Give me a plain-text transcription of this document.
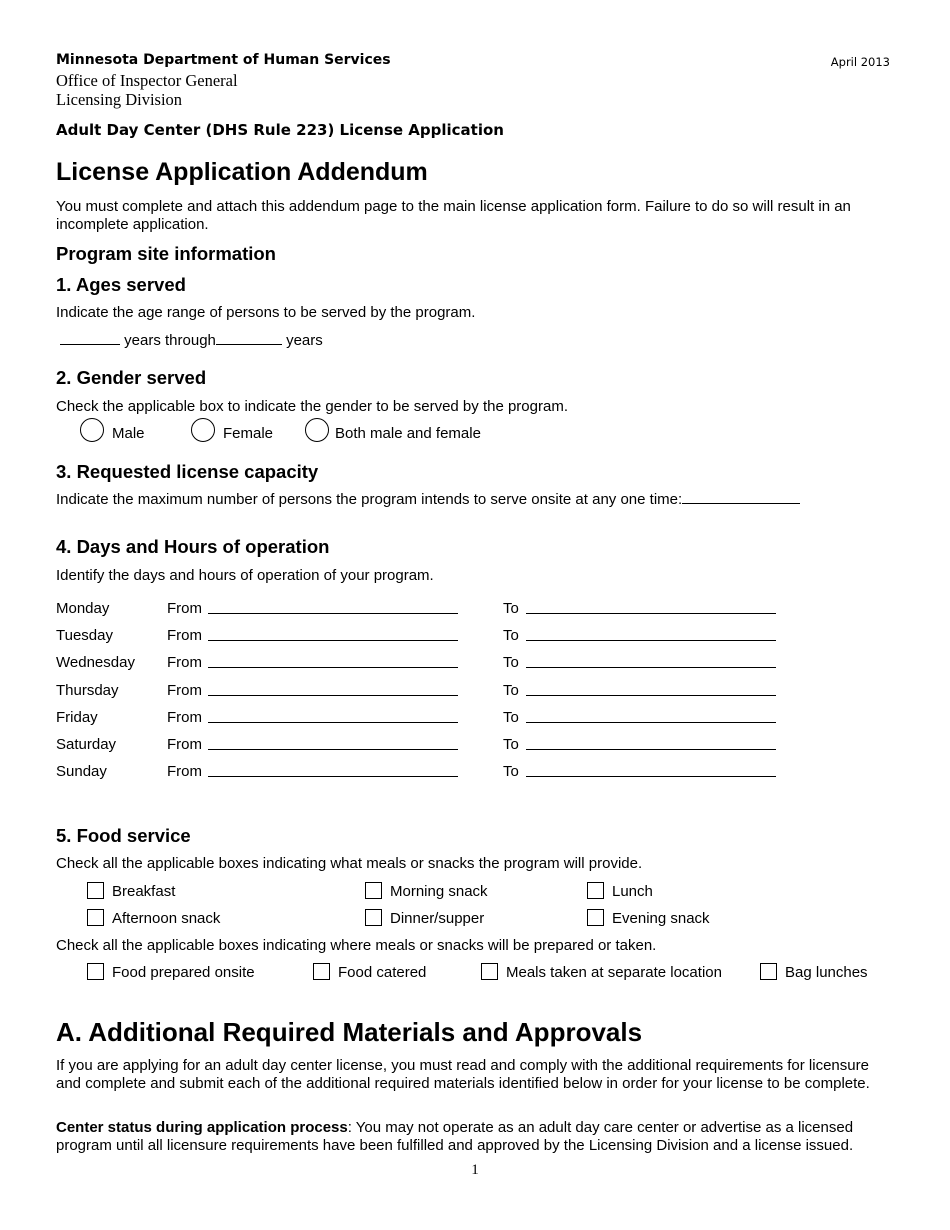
Minnesota Department of Human Services
Office of Inspector General
Licensing Division
April 2013
Adult Day Center (DHS Rule 223) License Application
License Application Addendum
You must complete and attach this addendum page to the main license application form. Failure to do so will result in an incomplete application.
Program site information
1. Ages served
Indicate the age range of persons to be served by the program.
years through	years
2. Gender served
Check the applicable box to indicate the gender to be served by the program.
Male	Female	Both male and female
3. Requested license capacity
Indicate the maximum number of persons the program intends to serve onsite at any one time:
4. Days and Hours of operation
Identify the days and hours of operation of your program.
Monday	From	To
Tuesday	From	To
Wednesday From	To
Thursday	From	To
Friday	From	To
Saturday	From	To
Sunday	From	To
5. Food service
Check all the applicable boxes indicating what meals or snacks the program will provide.
Breakfast	Morning snack	Lunch
Afternoon snack	Dinner/supper	Evening snack
Check all the applicable boxes indicating where meals or snacks will be prepared or taken.
Food prepared onsite	Food catered	Meals taken at separate location	Bag lunches
A. Additional Required Materials and Approvals
If you are applying for an adult day center license, you must read and comply with the additional requirements for licensure and complete and submit each of the additional required materials identified below in order for your license to be complete.
Center status during application process: You may not operate as an adult day care center or advertise as a licensed program until all licensure requirements have been fulfilled and approved by the Licensing Division and a license issued.
1
